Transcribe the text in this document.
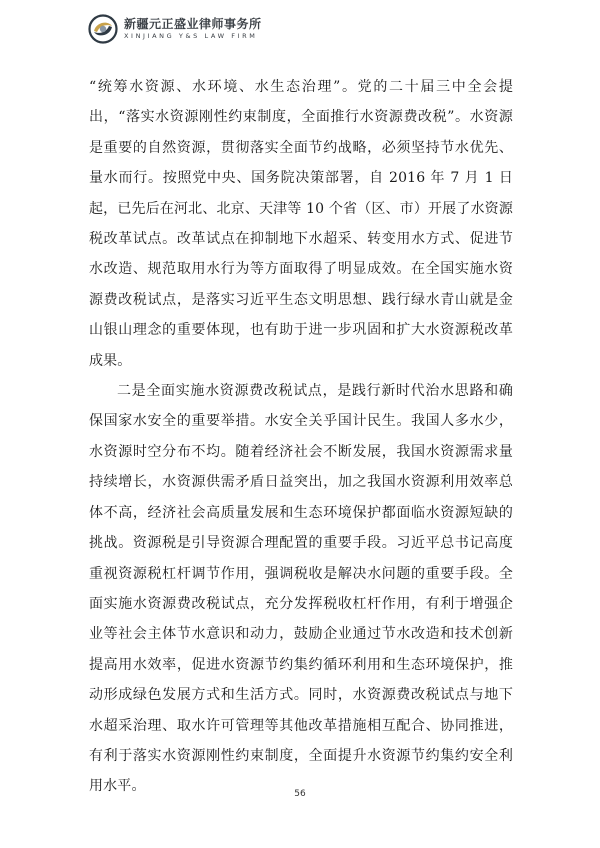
新疆元正盛业律师事务所
XINJIANG Y&S LAW FIRM

“统筹水资源、水环境、水生态治理”。党的二十届三中全会提出，“落实水资源刚性约束制度，全面推行水资源费改税”。水资源是重要的自然资源，贯彻落实全面节约战略，必须坚持节水优先、量水而行。按照党中央、国务院决策部署，自 2016 年 7 月 1 日起，已先后在河北、北京、天津等 10 个省（区、市）开展了水资源税改革试点。改革试点在抑制地下水超采、转变用水方式、促进节水改造、规范取用水行为等方面取得了明显成效。在全国实施水资源费改税试点，是落实习近平生态文明思想、践行绿水青山就是金山银山理念的重要体现，也有助于进一步巩固和扩大水资源税改革成果。

二是全面实施水资源费改税试点，是践行新时代治水思路和确保国家水安全的重要举措。水安全关乎国计民生。我国人多水少，水资源时空分布不均。随着经济社会不断发展，我国水资源需求量持续增长，水资源供需矛盾日益突出，加之我国水资源利用效率总体不高，经济社会高质量发展和生态环境保护都面临水资源短缺的挑战。资源税是引导资源合理配置的重要手段。习近平总书记高度重视资源税杠杆调节作用，强调税收是解决水问题的重要手段。全面实施水资源费改税试点，充分发挥税收杠杆作用，有利于增强企业等社会主体节水意识和动力，鼓励企业通过节水改造和技术创新提高用水效率，促进水资源节约集约循环利用和生态环境保护，推动形成绿色发展方式和生活方式。同时，水资源费改税试点与地下水超采治理、取水许可管理等其他改革措施相互配合、协同推进，有利于落实水资源刚性约束制度，全面提升水资源节约集约安全利用水平。	56
